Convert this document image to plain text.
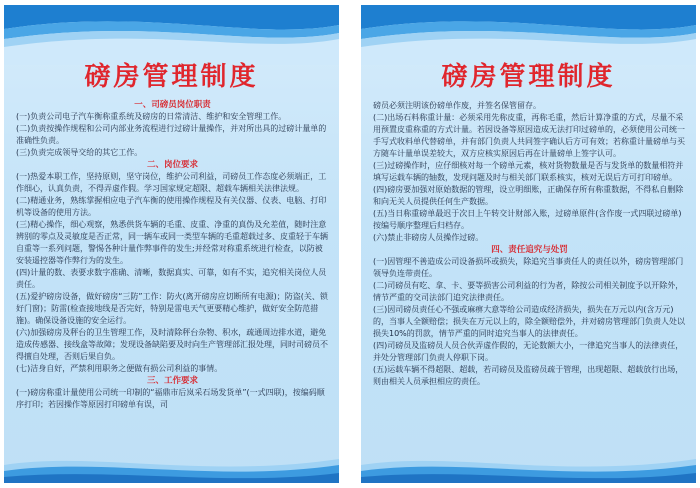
磅房管理制度
一、司磅员岗位职责
(一)负责公司电子汽车衡称重系统及磅房的日常清洁、维护和安全管理工作。
(二)负责按操作规程和公司内部业务流程进行过磅计量操作，并对所出具的过磅计量单的准确性负责。
(三)负责完成领导交给的其它工作。
二、岗位要求
(一)热爱本职工作，坚持原则，坚守岗位，维护公司利益，司磅员工作态度必须端正，工作细心，认真负责，不得弄虚作假。学习国家规定超限、超载车辆相关法律法规。
(二)精通业务，熟练掌握相应电子汽车衡的使用操作规程及有关仪器、仪表、电脑、打印机等设备的使用方法。
(三)精心操作，细心观察，熟悉供货车辆的毛重、皮重、净重的真伪及允差值，随时注意辨别的零点及灵敏度是否正常，同一辆车或同一类型车辆的毛重超载过多、皮重轻于车辆自重等一系列问题，警惕各种计量作弊事件的发生;并经常对称重系统进行检查，以防被安装遥控器等作弊行为的发生。
(四)计量的数、表要求数字准确、清晰，数据真实、可靠，如有不实，追究相关岗位人员责任。
(五)爱护磅房设备，做好磅房“三防”工作：防火(离开磅房应切断所有电源)；防盗(关、锁好门窗)；防雷(检查接地线是否完好，特别是雷电天气更要精心维护，做好安全防范措施)。确保设备设施的安全运行。
(六)加强磅房及秤台的卫生管理工作，及时清除秤台杂物、积水，疏通周边排水道，避免造成传感器、接线盒等故障；发现设备缺陷要及时向生产管理部汇报处理，同时司磅员不得擅自处理，否则后果自负。
(七)洁身自好，严禁利用职务之便做有损公司利益的事情。
三、工作要求
(一)磅房称重计量使用公司统一印制的“福鼎市后岚采石场发货单”(一式四联)，按编码顺序打印；若因操作等原因打印磅单有误，司
磅房管理制度
磅员必须注明该份磅单作废，并签名保管留存。
(二)出场石料称重计量：必须采用先称皮重，再称毛重，然后计算净重的方式，尽量不采用预置皮重称重的方式计量。若因设备等原因造成无法打印过磅单的，必须使用公司统一手写式收料单代替磅单，并有部门负责人共同签字确认后方可有效；若称重计量磅单与买方随车计量单误差较大，双方应核实原因后再在计量磅单上签字认可。
(三)过磅操作时，应仔细核对每一个磅单元素，核对货物数量是否与发货单的数量相符并填写运载车辆的轴数，发现问题及时与相关部门联系核实，核对无误后方可打印磅单。
(四)磅房要加强对原始数据的管理，设立明细账，正确保存所有称重数据，不得私自删除和向无关人员提供任何生产数据。
(五)当日称重磅单最迟于次日上午转交计财部入账，过磅单原件(含作废一式四联过磅单)按编号顺序整理后归档存。
(六)禁止非磅房人员操作过磅。
四、责任追究与处罚
(一)因管理不善造成公司设备损坏或损失，除追究当事责任人的责任以外，磅房管理部门领导负连带责任。
(二)司磅员有吃、拿、卡、要等损害公司利益的行为者，除按公司相关制度予以开除外，情节严重的交司法部门追究法律责任。
(三)因司磅员责任心不强或麻痹大意等给公司造成经济损失，损失在万元以内(含万元)的，当事人全额赔偿；损失在万元以上的，除全额赔偿外，并对磅房管理部门负责人处以损失10%的罚款，情节严重的同时追究当事人的法律责任。
(四)司磅员及监磅员人员合伙弄虚作假的，无论数额大小，一律追究当事人的法律责任，并处分管理部门负责人停职下岗。
(五)运载车辆不得超限、超载，若司磅员及监磅员疏于管理，出现超限、超载放行出场，则由相关人员承担相应的责任。
